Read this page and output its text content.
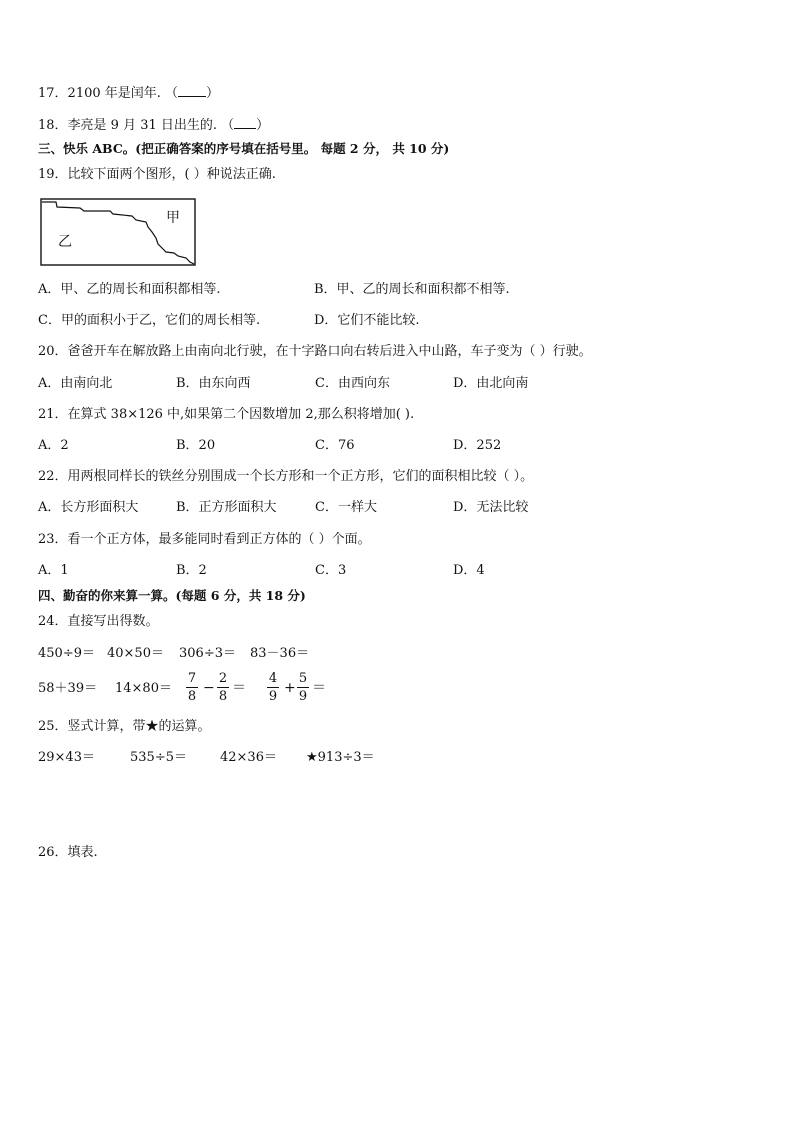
17．2100 年是闰年. （ ）
18．李亮是 9 月 31 日出生的. （ ）
三、快乐 ABC。(把正确答案的序号填在括号里。 每题 2 分， 共 10 分)
19．比较下面两个图形，( ）种说法正确.
甲
乙
A．甲、乙的周长和面积都相等.	B．甲、乙的周长和面积都不相等.
C．甲的面积小于乙，它们的周长相等.	D．它们不能比较.
20．爸爸开车在解放路上由南向北行驶，在十字路口向右转后进入中山路，车子变为（ ）行驶。
A．由南向北	B．由东向西	C．由西向东	D．由北向南
21．在算式 38×126 中,如果第二个因数增加 2,那么积将增加( ).
A．2	B．20	C．76	D．252
22．用两根同样长的铁丝分别围成一个长方形和一个正方形，它们的面积相比较（ ）。
A．长方形面积大	B．正方形面积大	C．一样大	D．无法比较
23．看一个正方体，最多能同时看到正方体的（ ）个面。
A．1	B．2	C．3	D．4
四、勤奋的你来算一算。(每题 6 分，共 18 分)
24．直接写出得数。
450÷9＝ 40×50＝ 306÷3＝ 83－36＝
58＋39＝ 14×80＝
7
8
−
2
8
＝
4
9
+
5
9
＝
25．竖式计算，带★的运算。
29×43＝	535÷5＝	42×36＝ ★913÷3＝
26．填表.
